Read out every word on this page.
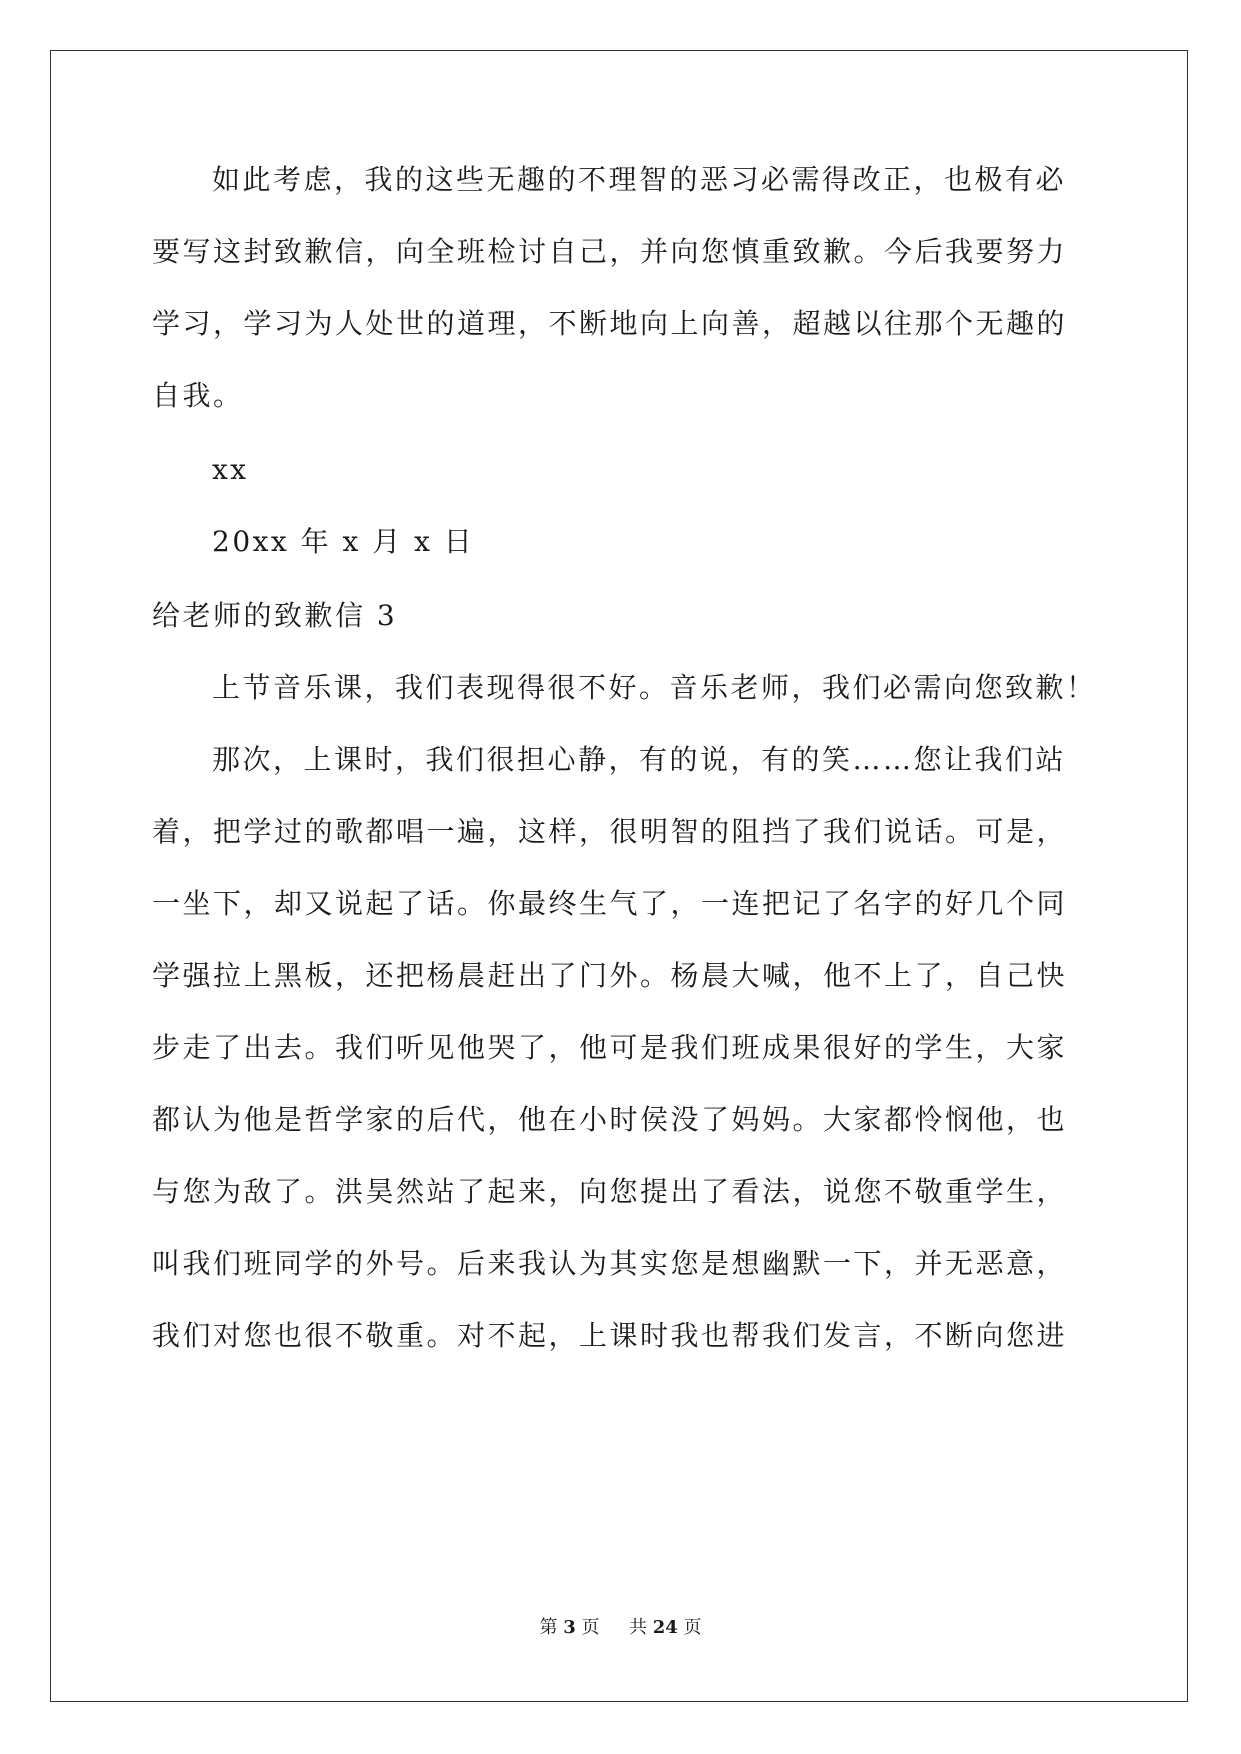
如此考虑，我的这些无趣的不理智的恶习必需得改正，也极有必
要写这封致歉信，向全班检讨自己，并向您慎重致歉。今后我要努力
学习，学习为人处世的道理，不断地向上向善，超越以往那个无趣的
自我。
xx
20xx 年 x 月 x 日
给老师的致歉信 3
上节音乐课，我们表现得很不好。音乐老师，我们必需向您致歉！
那次，上课时，我们很担心静，有的说，有的笑……您让我们站
着，把学过的歌都唱一遍，这样，很明智的阻挡了我们说话。可是，
一坐下，却又说起了话。你最终生气了，一连把记了名字的好几个同
学强拉上黑板，还把杨晨赶出了门外。杨晨大喊，他不上了，自己快
步走了出去。我们听见他哭了，他可是我们班成果很好的学生，大家
都认为他是哲学家的后代，他在小时侯没了妈妈。大家都怜悯他，也
与您为敌了。洪昊然站了起来，向您提出了看法，说您不敬重学生，
叫我们班同学的外号。后来我认为其实您是想幽默一下，并无恶意，
我们对您也很不敬重。对不起，上课时我也帮我们发言，不断向您进
第 3 页 共 24 页
